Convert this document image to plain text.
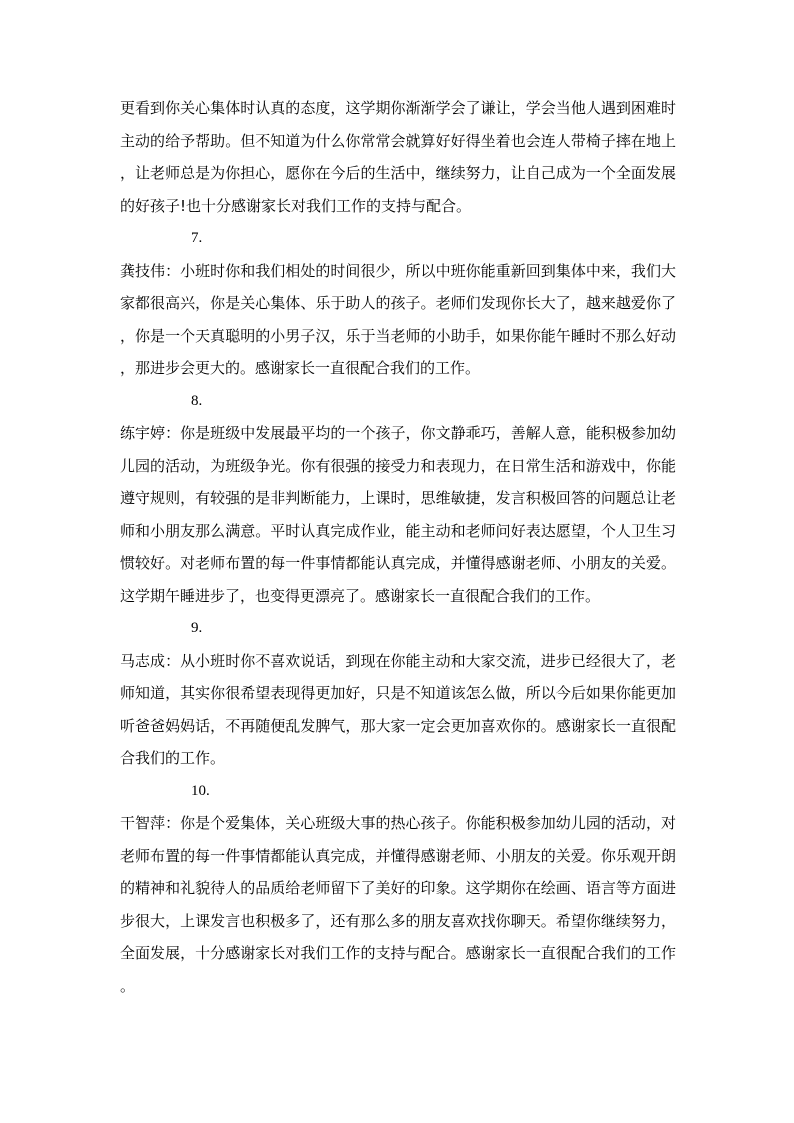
更看到你关心集体时认真的态度，这学期你渐渐学会了谦让，学会当他人遇到困难时主动的给予帮助。但不知道为什么你常常会就算好好得坐着也会连人带椅子摔在地上，让老师总是为你担心，愿你在今后的生活中，继续努力，让自己成为一个全面发展的好孩子!也十分感谢家长对我们工作的支持与配合。

7.

龚技伟：小班时你和我们相处的时间很少，所以中班你能重新回到集体中来，我们大家都很高兴，你是关心集体、乐于助人的孩子。老师们发现你长大了，越来越爱你了，你是一个天真聪明的小男子汉，乐于当老师的小助手，如果你能午睡时不那么好动，那进步会更大的。感谢家长一直很配合我们的工作。

8.

练宇婷：你是班级中发展最平均的一个孩子，你文静乖巧，善解人意，能积极参加幼儿园的活动，为班级争光。你有很强的接受力和表现力，在日常生活和游戏中，你能遵守规则，有较强的是非判断能力，上课时，思维敏捷，发言积极回答的问题总让老师和小朋友那么满意。平时认真完成作业，能主动和老师问好表达愿望，个人卫生习惯较好。对老师布置的每一件事情都能认真完成，并懂得感谢老师、小朋友的关爱。这学期午睡进步了，也变得更漂亮了。感谢家长一直很配合我们的工作。

9.

马志成：从小班时你不喜欢说话，到现在你能主动和大家交流，进步已经很大了，老师知道，其实你很希望表现得更加好，只是不知道该怎么做，所以今后如果你能更加听爸爸妈妈话，不再随便乱发脾气，那大家一定会更加喜欢你的。感谢家长一直很配合我们的工作。

10.

干智萍：你是个爱集体，关心班级大事的热心孩子。你能积极参加幼儿园的活动，对老师布置的每一件事情都能认真完成，并懂得感谢老师、小朋友的关爱。你乐观开朗的精神和礼貌待人的品质给老师留下了美好的印象。这学期你在绘画、语言等方面进步很大，上课发言也积极多了，还有那么多的朋友喜欢找你聊天。希望你继续努力，全面发展，十分感谢家长对我们工作的支持与配合。感谢家长一直很配合我们的工作。
